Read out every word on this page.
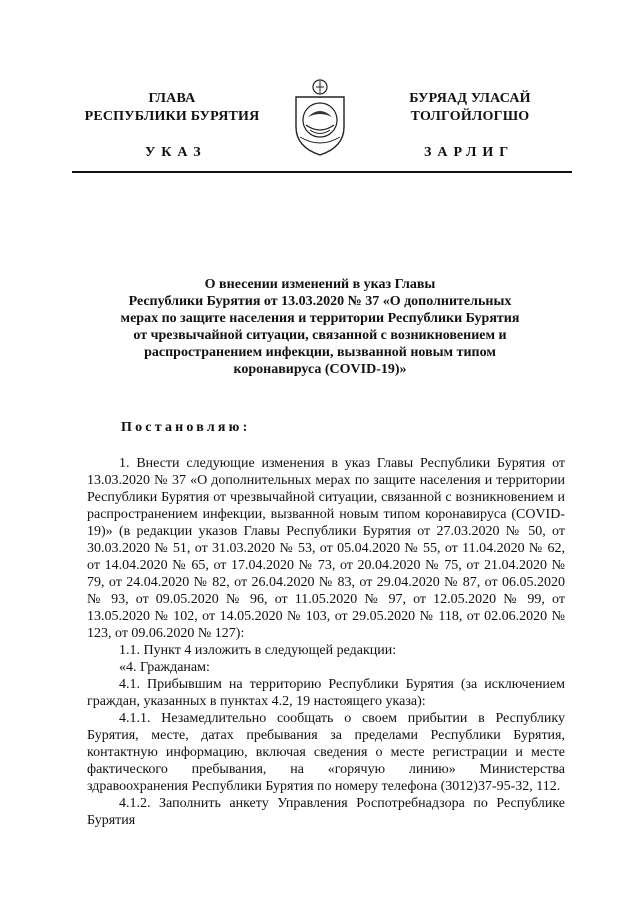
ГЛАВА
РЕСПУБЛИКИ БУРЯТИЯ
УКАЗ
БУРЯАД УЛАСАЙ
ТОЛГОЙЛОГШО
ЗАРЛИГ
О внесении изменений в указ Главы
Республики Бурятия от 13.03.2020 № 37 «О дополнительных
мерах по защите населения и территории Республики Бурятия
от чрезвычайной ситуации, связанной с возникновением и
распространением инфекции, вызванной новым типом
коронавируса (COVID-19)»
Постановляю:

1. Внести следующие изменения в указ Главы Республики Бурятия от 13.03.2020 № 37 «О дополнительных мерах по защите населения и территории Республики Бурятия от чрезвычайной ситуации, связанной с возникновением и распространением инфекции, вызванной новым типом коронавируса (COVID-19)» (в редакции указов Главы Республики Бурятия от 27.03.2020 № 50, от 30.03.2020 № 51, от 31.03.2020 № 53, от 05.04.2020 № 55, от 11.04.2020 № 62, от 14.04.2020 № 65, от 17.04.2020 № 73, от 20.04.2020 № 75, от 21.04.2020 № 79, от 24.04.2020 № 82, от 26.04.2020 № 83, от 29.04.2020 № 87, от 06.05.2020 № 93, от 09.05.2020 № 96, от 11.05.2020 № 97, от 12.05.2020 № 99, от 13.05.2020 № 102, от 14.05.2020 № 103, от 29.05.2020 № 118, от 02.06.2020 № 123, от 09.06.2020 № 127):

1.1. Пункт 4 изложить в следующей редакции:

«4. Гражданам:

4.1. Прибывшим на территорию Республики Бурятия (за исключением граждан, указанных в пунктах 4.2, 19 настоящего указа):

4.1.1. Незамедлительно сообщать о своем прибытии в Республику Бурятия, месте, датах пребывания за пределами Республики Бурятия, контактную информацию, включая сведения о месте регистрации и месте фактического пребывания, на «горячую линию» Министерства здравоохранения Республики Бурятия по номеру телефона (3012)37-95-32, 112.

4.1.2. Заполнить анкету Управления Роспотребнадзора по Республике Бурятия
